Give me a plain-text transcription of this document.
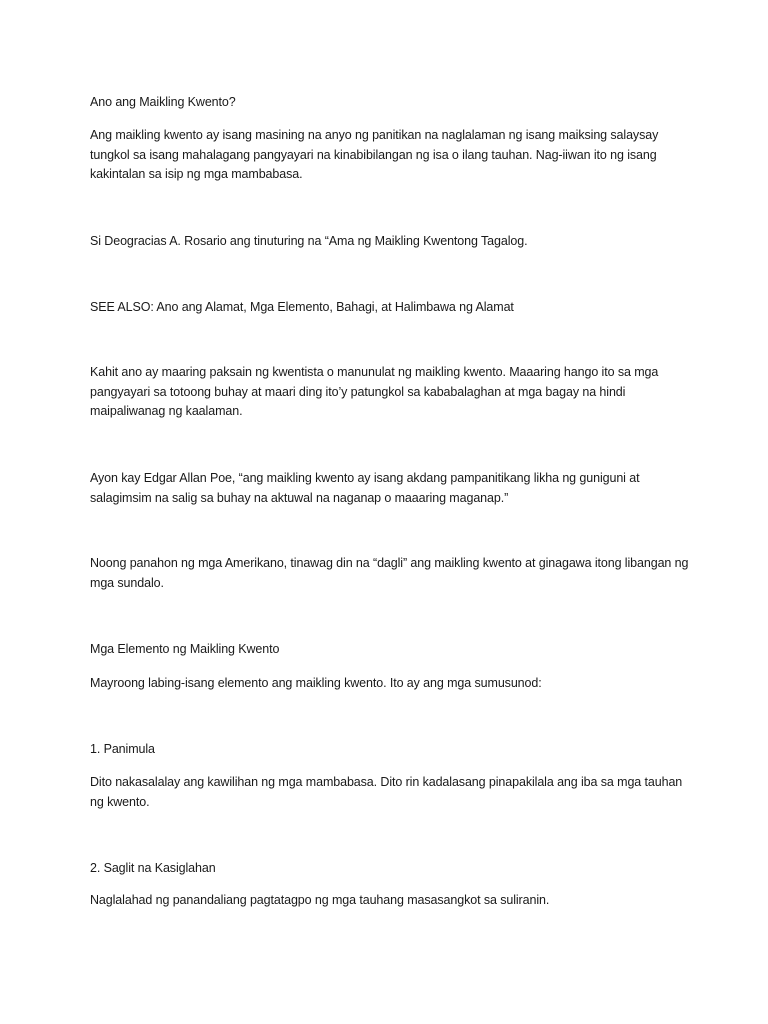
Ano ang Maikling Kwento?

Ang maikling kwento ay isang masining na anyo ng panitikan na naglalaman ng isang maiksing salaysay tungkol sa isang mahalagang pangyayari na kinabibilangan ng isa o ilang tauhan. Nag-iiwan ito ng isang kakintalan sa isip ng mga mambabasa.

Si Deogracias A. Rosario ang tinuturing na “Ama ng Maikling Kwentong Tagalog.

SEE ALSO: Ano ang Alamat, Mga Elemento, Bahagi, at Halimbawa ng Alamat

Kahit ano ay maaring paksain ng kwentista o manunulat ng maikling kwento. Maaaring hango ito sa mga pangyayari sa totoong buhay at maari ding ito’y patungkol sa kababalaghan at mga bagay na hindi maipaliwanag ng kaalaman.

Ayon kay Edgar Allan Poe, “ang maikling kwento ay isang akdang pampanitikang likha ng guniguni at salagimsim na salig sa buhay na aktuwal na naganap o maaaring maganap.”

Noong panahon ng mga Amerikano, tinawag din na “dagli” ang maikling kwento at ginagawa itong libangan ng mga sundalo.

Mga Elemento ng Maikling Kwento

Mayroong labing-isang elemento ang maikling kwento. Ito ay ang mga sumusunod:

1. Panimula

Dito nakasalalay ang kawilihan ng mga mambabasa. Dito rin kadalasang pinapakilala ang iba sa mga tauhan ng kwento.

2. Saglit na Kasiglahan

Naglalahad ng panandaliang pagtatagpo ng mga tauhang masasangkot sa suliranin.
